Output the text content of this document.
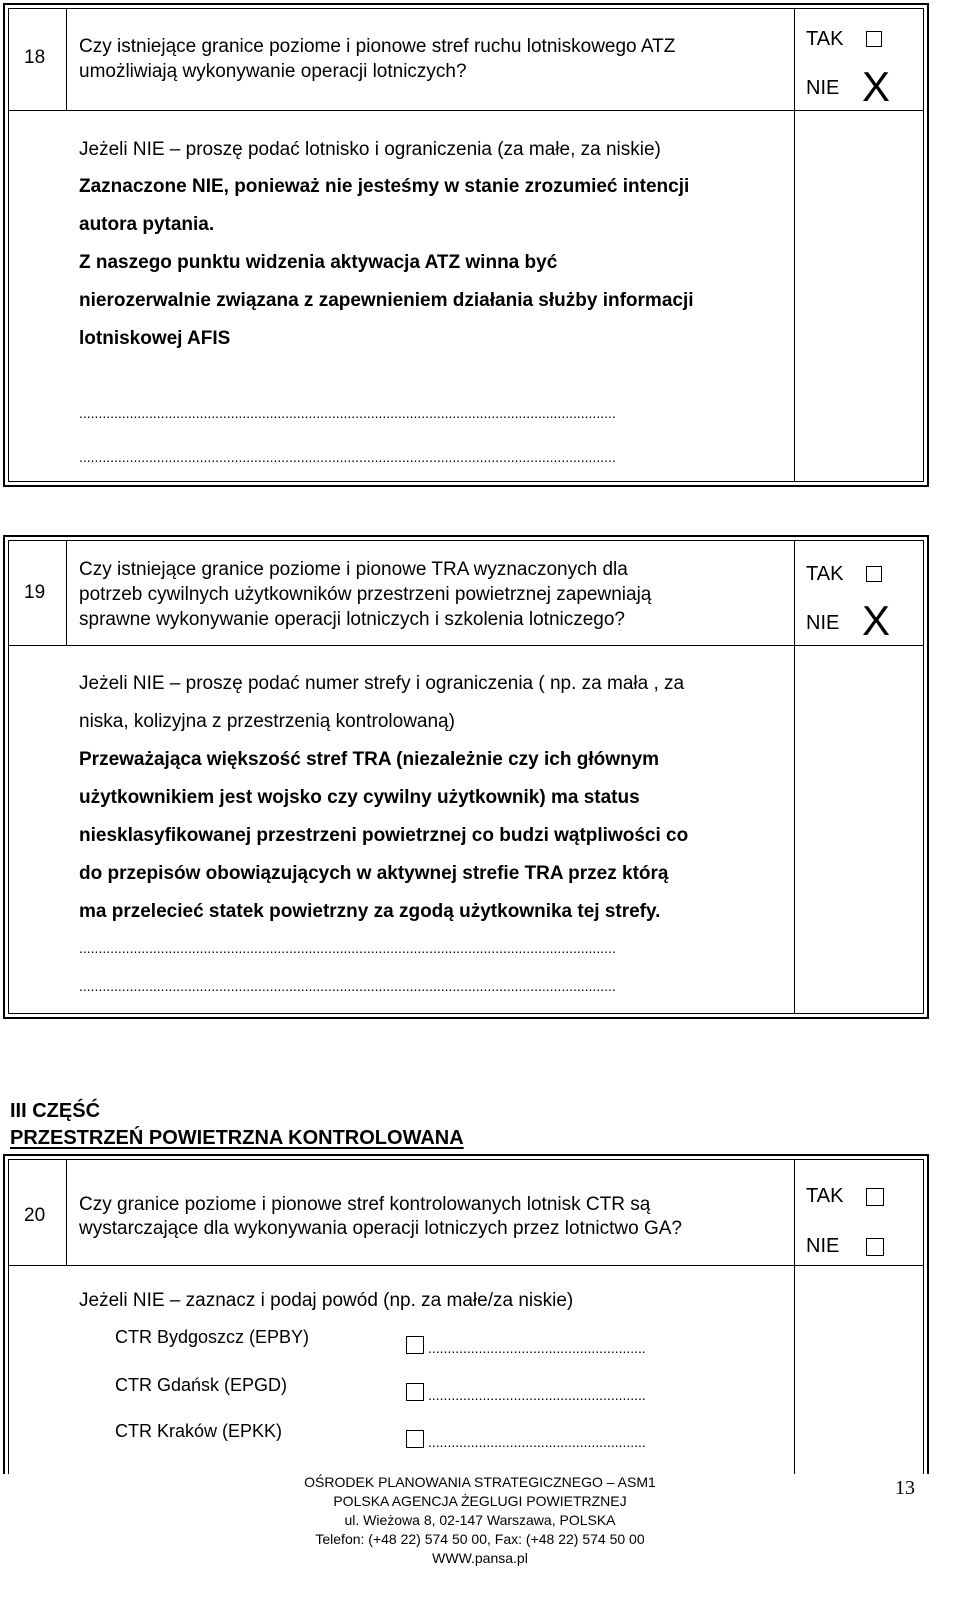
18
Czy istniejące granice poziome i pionowe stref ruchu lotniskowego ATZ
umożliwiają wykonywanie operacji lotniczych?
TAK
NIE X
Jeżeli NIE – proszę podać lotnisko i ograniczenia (za małe, za niskie)
Zaznaczone NIE, ponieważ nie jesteśmy w stanie zrozumieć intencji
autora pytania.
Z naszego punktu widzenia aktywacja ATZ winna być
nierozerwalnie związana z zapewnieniem działania służby informacji
lotniskowej AFIS
..........................................................................................................................................
..........................................................................................................................................
19
Czy istniejące granice poziome i pionowe TRA wyznaczonych dla
potrzeb cywilnych użytkowników przestrzeni powietrznej zapewniają
sprawne wykonywanie operacji lotniczych i szkolenia lotniczego?
TAK
NIE X
Jeżeli NIE – proszę podać numer strefy i ograniczenia ( np. za mała , za
niska, kolizyjna z przestrzenią kontrolowaną)
Przeważająca większość stref TRA (niezależnie czy ich głównym
użytkownikiem jest wojsko czy cywilny użytkownik) ma status
niesklasyfikowanej przestrzeni powietrznej co budzi wątpliwości co
do przepisów obowiązujących w aktywnej strefie TRA przez którą
ma przelecieć statek powietrzny za zgodą użytkownika tej strefy.
..........................................................................................................................................
..........................................................................................................................................
III CZĘŚĆ
PRZESTRZEŃ POWIETRZNA KONTROLOWANA
20
Czy granice poziome i pionowe stref kontrolowanych lotnisk CTR są
wystarczające dla wykonywania operacji lotniczych przez lotnictwo GA?
TAK
NIE
Jeżeli NIE – zaznacz i podaj powód (np. za małe/za niskie)
CTR Bydgoszcz (EPBY)
........................................................
CTR Gdańsk (EPGD)	........................................................
CTR Kraków (EPKK)
........................................................
OŚRODEK PLANOWANIA STRATEGICZNEGO – ASM1
POLSKA AGENCJA ŻEGLUGI POWIETRZNEJ
ul. Wieżowa 8, 02-147 Warszawa, POLSKA
Telefon: (+48 22) 574 50 00, Fax: (+48 22) 574 50 00
WWW.pansa.pl
13
